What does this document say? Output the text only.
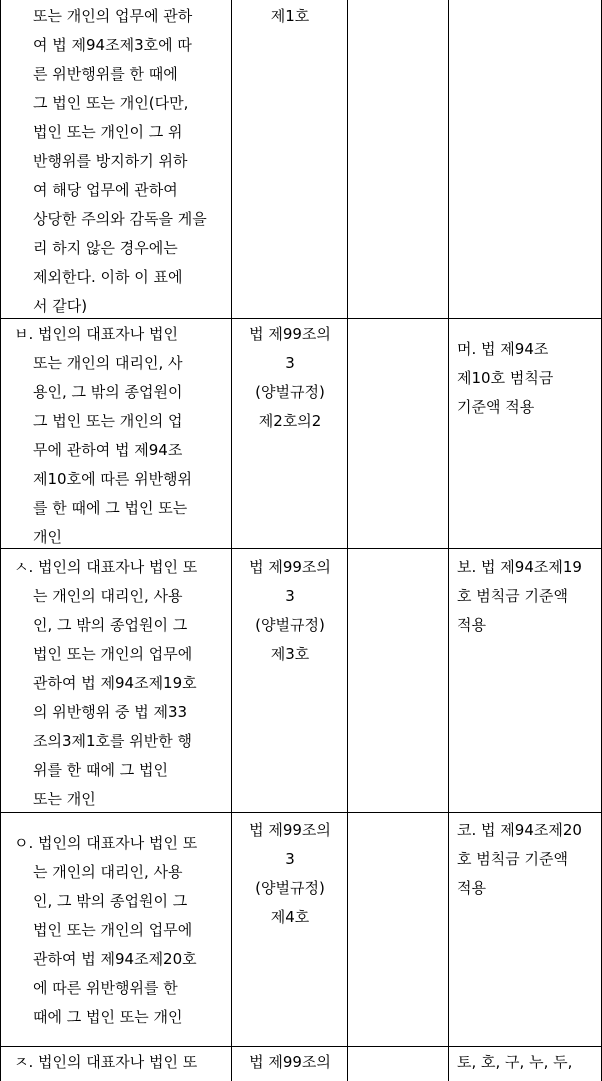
또는 개인의 업무에 관하
여 법 제94조제3호에 따
른 위반행위를 한 때에
그 법인 또는 개인(다만,
법인 또는 개인이 그 위
반행위를 방지하기 위하
여 해당 업무에 관하여
상당한 주의와 감독을 게을
리 하지 않은 경우에는
제외한다. 이하 이 표에
서 같다)
제1호
ㅂ. 법인의 대표자나 법인
또는 개인의 대리인, 사
용인, 그 밖의 종업원이
그 법인 또는 개인의 업
무에 관하여 법 제94조
제10호에 따른 위반행위
를 한 때에 그 법인 또는
개인
법 제99조의
3
(양벌규정)
제2호의2
머. 법 제94조
제10호 범칙금
기준액 적용
ㅅ. 법인의 대표자나 법인 또
는 개인의 대리인, 사용
인, 그 밖의 종업원이 그
법인 또는 개인의 업무에
관하여 법 제94조제19호
의 위반행위 중 법 제33
조의3제1호를 위반한 행
위를 한 때에 그 법인
또는 개인
법 제99조의
3
(양벌규정)
제3호
보. 법 제94조제19
호 범칙금 기준액
적용
ㅇ. 법인의 대표자나 법인 또
는 개인의 대리인, 사용
인, 그 밖의 종업원이 그
법인 또는 개인의 업무에
관하여 법 제94조제20호
에 따른 위반행위를 한
때에 그 법인 또는 개인
법 제99조의
3
(양벌규정)
제4호
코. 법 제94조제20
호 범칙금 기준액
적용
ㅈ. 법인의 대표자나 법인 또	법 제99조의	토, 호, 구, 누, 두,
